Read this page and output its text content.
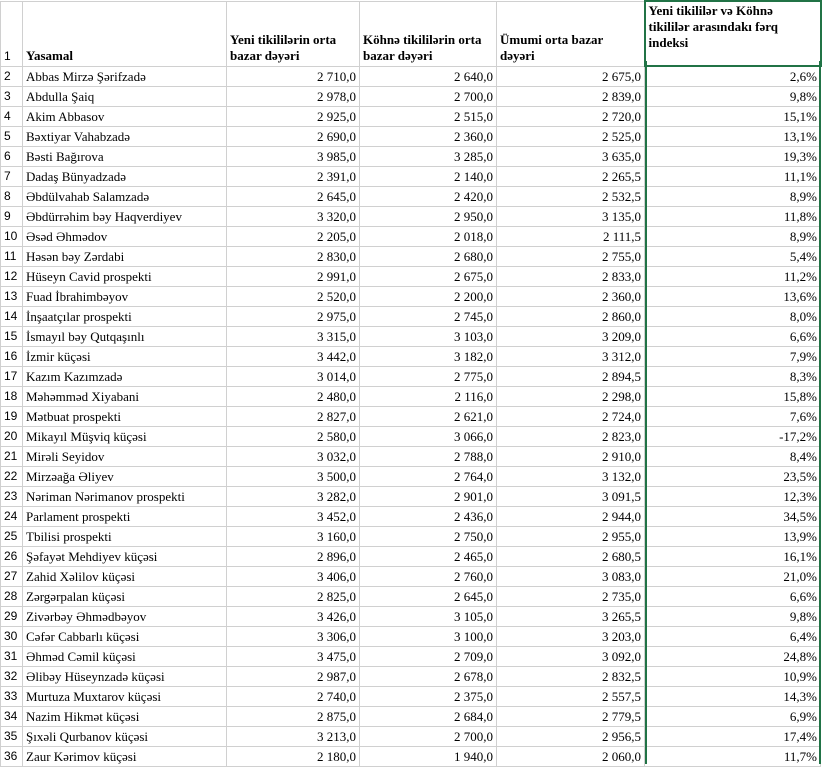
1	Yasamal	Yeni tikililərin orta bazar dəyəri	Köhnə tikililərin orta bazar dəyəri	Ümumi orta bazar dəyəri	Yeni tikililər və Köhnə tikililər arasındakı fərq indeksi
2	Abbas Mirzə Şərifzadə	2 710,0	2 640,0	2 675,0	2,6%
3	Abdulla Şaiq	2 978,0	2 700,0	2 839,0	9,8%
4	Akim Abbasov	2 925,0	2 515,0	2 720,0	15,1%
5	Bəxtiyar Vahabzadə	2 690,0	2 360,0	2 525,0	13,1%
6	Bəsti Bağırova	3 985,0	3 285,0	3 635,0	19,3%
7	Dadaş Bünyadzadə	2 391,0	2 140,0	2 265,5	11,1%
8	Əbdülvahab Salamzadə	2 645,0	2 420,0	2 532,5	8,9%
9	Əbdürrəhim bəy Haqverdiyev	3 320,0	2 950,0	3 135,0	11,8%
10	Əsəd Əhmədov	2 205,0	2 018,0	2 111,5	8,9%
11	Həsən bəy Zərdabi	2 830,0	2 680,0	2 755,0	5,4%
12	Hüseyn Cavid prospekti	2 991,0	2 675,0	2 833,0	11,2%
13	Fuad İbrahimbəyov	2 520,0	2 200,0	2 360,0	13,6%
14	İnşaatçılar prospekti	2 975,0	2 745,0	2 860,0	8,0%
15	İsmayıl bəy Qutqaşınlı	3 315,0	3 103,0	3 209,0	6,6%
16	İzmir küçəsi	3 442,0	3 182,0	3 312,0	7,9%
17	Kazım Kazımzadə	3 014,0	2 775,0	2 894,5	8,3%
18	Məhəmməd Xiyabani	2 480,0	2 116,0	2 298,0	15,8%
19	Mətbuat prospekti	2 827,0	2 621,0	2 724,0	7,6%
20	Mikayıl Müşviq küçəsi	2 580,0	3 066,0	2 823,0	-17,2%
21	Mirəli Seyidov	3 032,0	2 788,0	2 910,0	8,4%
22	Mirzəağa Əliyev	3 500,0	2 764,0	3 132,0	23,5%
23	Nəriman Nərimanov prospekti	3 282,0	2 901,0	3 091,5	12,3%
24	Parlament prospekti	3 452,0	2 436,0	2 944,0	34,5%
25	Tbilisi prospekti	3 160,0	2 750,0	2 955,0	13,9%
26	Şəfayət Mehdiyev küçəsi	2 896,0	2 465,0	2 680,5	16,1%
27	Zahid Xəlilov küçəsi	3 406,0	2 760,0	3 083,0	21,0%
28	Zərgərpalan küçəsi	2 825,0	2 645,0	2 735,0	6,6%
29	Zivərbəy Əhmədbəyov	3 426,0	3 105,0	3 265,5	9,8%
30	Cəfər Cabbarlı küçəsi	3 306,0	3 100,0	3 203,0	6,4%
31	Əhməd Cəmil küçəsi	3 475,0	2 709,0	3 092,0	24,8%
32	Əlibəy Hüseynzadə küçəsi	2 987,0	2 678,0	2 832,5	10,9%
33	Murtuza Muxtarov küçəsi	2 740,0	2 375,0	2 557,5	14,3%
34	Nazim Hikmət küçəsi	2 875,0	2 684,0	2 779,5	6,9%
35	Şıxəli Qurbanov küçəsi	3 213,0	2 700,0	2 956,5	17,4%
36	Zaur Kərimov küçəsi	2 180,0	1 940,0	2 060,0	11,7%
